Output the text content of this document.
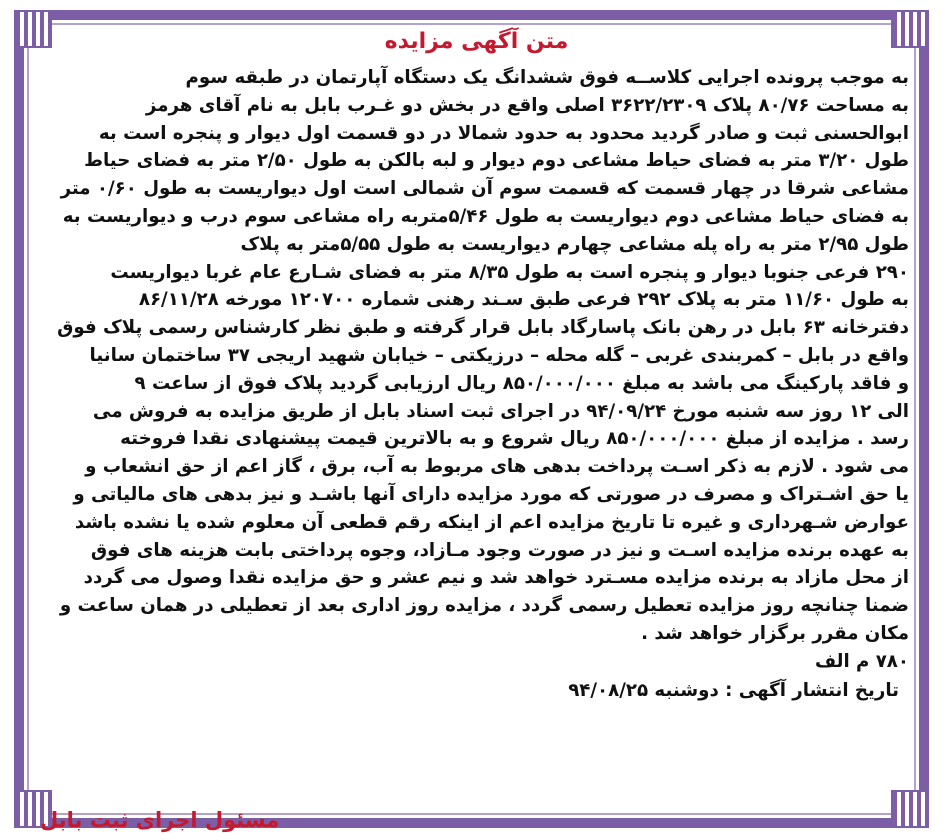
متن آگهی مزایده
به موجب پرونده اجرایی کلاســه فوق ششدانگ یک دستگاه آپارتمان در طبقه سوم
به مساحت ۸۰/۷۶ پلاک ۳۶۲۲/۲۳۰۹ اصلی واقع در بخش دو غـرب بابل به نام آقای هرمز
ابوالحسنی ثبت و صادر گردید محدود به حدود شمالا در دو قسمت اول دیوار و پنجره است به
طول ۳/۲۰ متر به فضای حیاط مشاعی دوم دیوار و لبه بالکن به طول ۲/۵۰ متر به فضای حیاط
مشاعی شرقا در چهار قسمت که قسمت سوم آن شمالی است اول دیواریست به طول ۰/۶۰ متر
به فضای حیاط مشاعی دوم دیواریست به طول ۵/۴۶متربه راه مشاعی سوم درب و دیواریست به
طول ۲/۹۵ متر به راه پله مشاعی چهارم دیواریست به طول ۵/۵۵متر به پلاک
۲۹۰ فرعی جنوبا دیوار و پنجره است به طول ۸/۳۵ متر به فضای شـارع عام غربا دیواریست
به طول ۱۱/۶۰ متر به پلاک ۲۹۲ فرعی طبق سـند رهنی شماره ۱۲۰۷۰۰ مورخه ۸۶/۱۱/۲۸
دفترخانه ۶۳ بابل در رهن بانک پاسارگاد بابل قرار گرفته و طبق نظر کارشناس رسمی پلاک فوق
واقع در بابل – کمربندی غربی – گله محله – درزیکتی – خیابان شهید اریجی ۳۷ ساختمان سانیا
و فاقد پارکینگ می باشد به مبلغ ۸۵۰/۰۰۰/۰۰۰ ریال ارزیابی گردید پلاک فوق از ساعت ۹
الی ۱۲ روز سه شنبه مورخ ۹۴/۰۹/۲۴ در اجرای ثبت اسناد بابل از طریق مزایده به فروش می
رسد . مزایده از مبلغ ۸۵۰/۰۰۰/۰۰۰ ریال شروع و به بالاترین قیمت پیشنهادی نقدا فروخته
می شود . لازم به ذکر اسـت پرداخت بدهی های مربوط به آب، برق ، گاز اعم از حق انشعاب و
یا حق اشـتراک و مصرف در صورتی که مورد مزایده دارای آنها باشـد و نیز بدهی های مالیاتی و
عوارض شـهرداری و غیره تا تاریخ مزایده اعم از اینکه رقم قطعی آن معلوم شده یا نشده باشد
به عهده برنده مزایده اسـت و نیز در صورت وجود مـازاد، وجوه پرداختی بابت هزینه های فوق
از محل مازاد به برنده مزایده مسـترد خواهد شد و نیم عشر و حق مزایده نقدا وصول می گردد
ضمنا چنانچه روز مزایده تعطیل رسمی گردد ، مزایده روز اداری بعد از تعطیلی در همان ساعت و
مکان مقرر برگزار خواهد شد .
۷۸۰ م الف
تاریخ انتشار آگهی : دوشنبه ۹۴/۰۸/۲۵
مسئول اجرای ثبت بابل
